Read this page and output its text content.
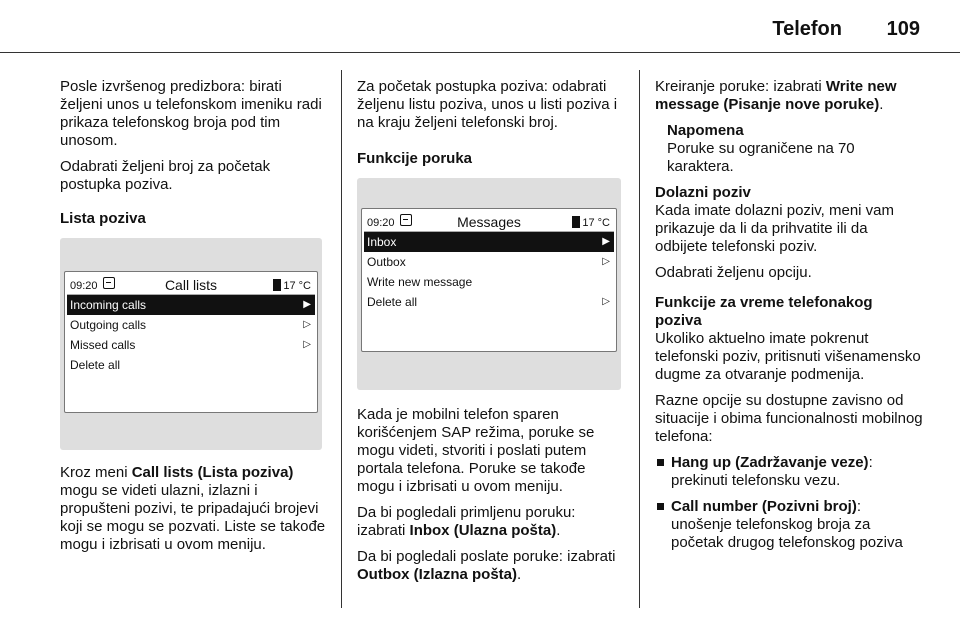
Telefon 109

Posle izvršenog predizbora: birati željeni unos u telefonskom imeniku radi prikaza telefonskog broja pod tim unosom.

Odabrati željeni broj za početak postupka poziva.

Lista poziva

09:20	Call lists	17 °C
Incoming calls	▶
Outgoing calls	▷
Missed calls	▷
Delete all

Kroz meni Call lists (Lista poziva) mogu se videti ulazni, izlazni i propušteni pozivi, te pripadajući brojevi koji se mogu se pozvati. Liste se takođe mogu i izbrisati u ovom meniju.

Za početak postupka poziva: odabrati željenu listu poziva, unos u listi poziva i na kraju željeni telefonski broj.

Funkcije poruka

09:20	Messages	17 °C
Inbox	▶
Outbox	▷
Write new message
Delete all	▷

Kada je mobilni telefon sparen korišćenjem SAP režima, poruke se mogu videti, stvoriti i poslati putem portala telefona. Poruke se takođe mogu i izbrisati u ovom meniju.

Da bi pogledali primljenu poruku: izabrati Inbox (Ulazna pošta).

Da bi pogledali poslate poruke: izabrati Outbox (Izlazna pošta).

Kreiranje poruke: izabrati Write new message (Pisanje nove poruke).

Napomena
Poruke su ograničene na 70 karaktera.
Dolazni poziv

Kada imate dolazni poziv, meni vam prikazuje da li da prihvatite ili da odbijete telefonski poziv.

Odabrati željenu opciju.

Funkcije za vreme telefonakog poziva

Ukoliko aktuelno imate pokrenut telefonski poziv, pritisnuti višenamensko dugme za otvaranje podmenija.

Razne opcije su dostupne zavisno od situacije i obima funcionalnosti mobilnog telefona:

Hang up (Zadržavanje veze): prekinuti telefonsku vezu.
Call number (Pozivni broj): unošenje telefonskog broja za početak drugog telefonskog poziva
